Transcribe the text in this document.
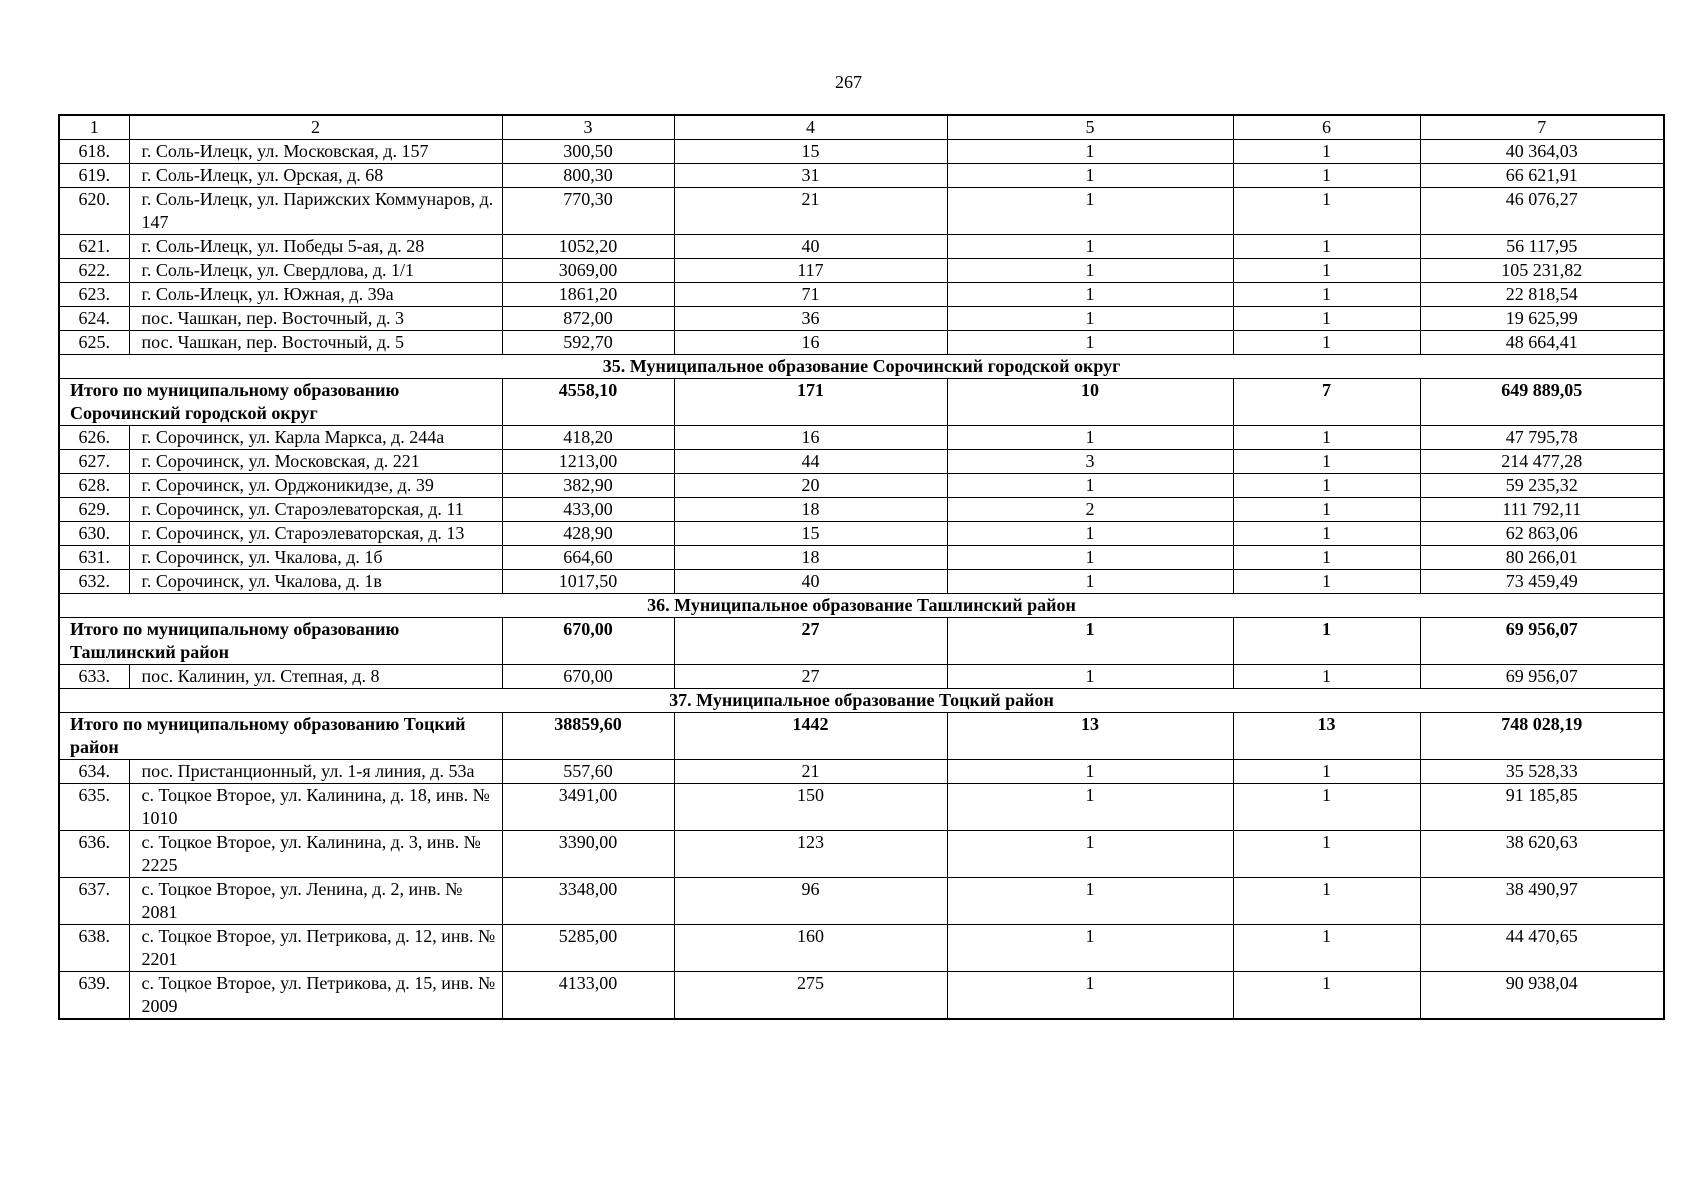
267
1	2	3	4	5	6	7
618.	г. Соль-Илецк, ул. Московская, д. 157	300,50	15	1	1	40 364,03
619.	г. Соль-Илецк, ул. Орская, д. 68	800,30	31	1	1	66 621,91
620.	г. Соль-Илецк, ул. Парижских Коммунаров, д. 147	770,30	21	1	1	46 076,27
621.	г. Соль-Илецк, ул. Победы 5-ая, д. 28	1052,20	40	1	1	56 117,95
622.	г. Соль-Илецк, ул. Свердлова, д. 1/1	3069,00	117	1	1	105 231,82
623.	г. Соль-Илецк, ул. Южная, д. 39а	1861,20	71	1	1	22 818,54
624.	пос. Чашкан, пер. Восточный, д. 3	872,00	36	1	1	19 625,99
625.	пос. Чашкан, пер. Восточный, д. 5	592,70	16	1	1	48 664,41
35. Муниципальное образование Сорочинский городской округ						
Итого по муниципальному образованию Сорочинский городской округ		4558,10	171	10	7	649 889,05
626.	г. Сорочинск, ул. Карла Маркса, д. 244а	418,20	16	1	1	47 795,78
627.	г. Сорочинск, ул. Московская, д. 221	1213,00	44	3	1	214 477,28
628.	г. Сорочинск, ул. Орджоникидзе, д. 39	382,90	20	1	1	59 235,32
629.	г. Сорочинск, ул. Староэлеваторская, д. 11	433,00	18	2	1	111 792,11
630.	г. Сорочинск, ул. Староэлеваторская, д. 13	428,90	15	1	1	62 863,06
631.	г. Сорочинск, ул. Чкалова, д. 1б	664,60	18	1	1	80 266,01
632.	г. Сорочинск, ул. Чкалова, д. 1в	1017,50	40	1	1	73 459,49
36. Муниципальное образование Ташлинский район						
Итого по муниципальному образованию Ташлинский район		670,00	27	1	1	69 956,07
633.	пос. Калинин, ул. Степная, д. 8	670,00	27	1	1	69 956,07
37. Муниципальное образование Тоцкий район						
Итого по муниципальному образованию Тоцкий район		38859,60	1442	13	13	748 028,19
634.	пос. Пристанционный, ул. 1-я линия, д. 53а	557,60	21	1	1	35 528,33
635.	с. Тоцкое Второе, ул. Калинина, д. 18, инв. № 1010	3491,00	150	1	1	91 185,85
636.	с. Тоцкое Второе, ул. Калинина, д. 3, инв. № 2225	3390,00	123	1	1	38 620,63
637.	с. Тоцкое Второе, ул. Ленина, д. 2, инв. № 2081	3348,00	96	1	1	38 490,97
638.	с. Тоцкое Второе, ул. Петрикова, д. 12, инв. № 2201	5285,00	160	1	1	44 470,65
639.	с. Тоцкое Второе, ул. Петрикова, д. 15, инв. № 2009	4133,00	275	1	1	90 938,04
